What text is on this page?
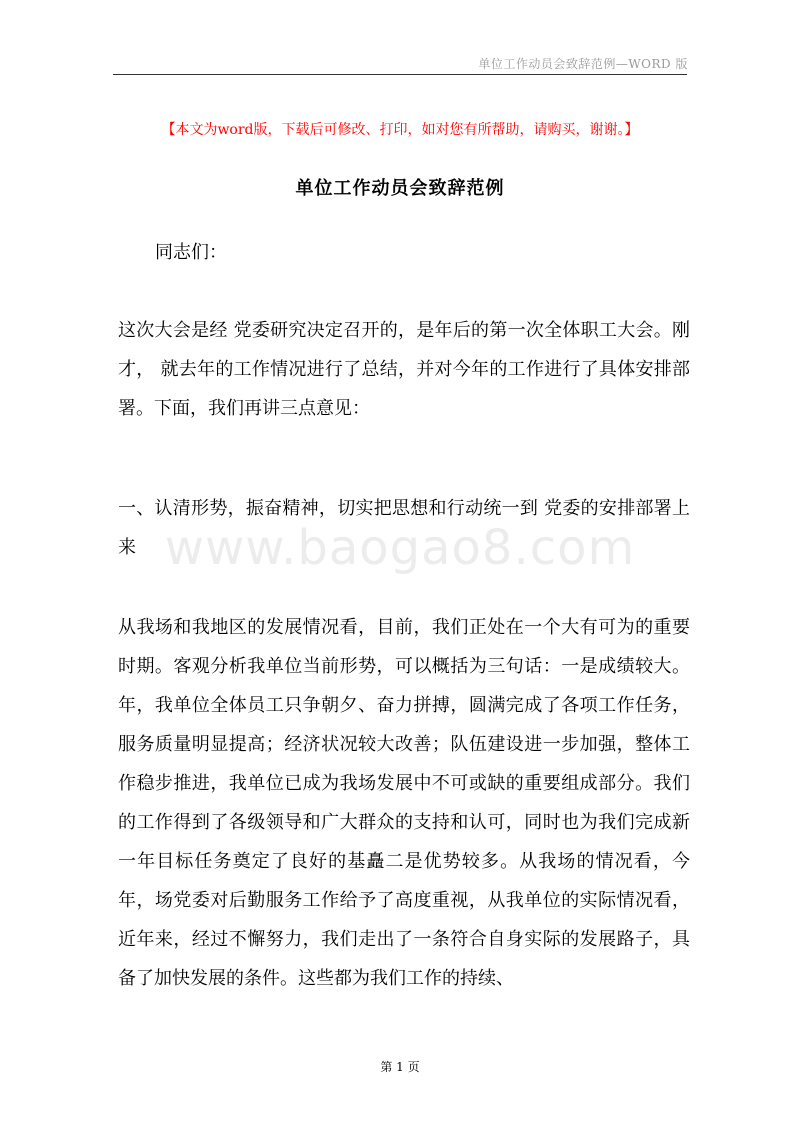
单位工作动员会致辞范例—WORD 版
【本文为word版，下载后可修改、打印，如对您有所帮助，请购买，谢谢。】
单位工作动员会致辞范例
同志们：

这次大会是经 党委研究决定召开的，是年后的第一次全体职工大会。刚才， 就去年的工作情况进行了总结，并对今年的工作进行了具体安排部署。下面，我们再讲三点意见：

一、认清形势，振奋精神，切实把思想和行动统一到 党委的安排部署上来

从我场和我地区的发展情况看，目前，我们正处在一个大有可为的重要时期。客观分析我单位当前形势，可以概括为三句话：一是成绩较大。 年，我单位全体员工只争朝夕、奋力拼搏，圆满完成了各项工作任务，服务质量明显提高；经济状况较大改善；队伍建设进一步加强，整体工作稳步推进，我单位已成为我场发展中不可或缺的重要组成部分。我们的工作得到了各级领导和广大群众的支持和认可，同时也为我们完成新一年目标任务奠定了良好的基矗二是优势较多。从我场的情况看，今年，场党委对后勤服务工作给予了高度重视，从我单位的实际情况看，近年来，经过不懈努力，我们走出了一条符合自身实际的发展路子，具备了加快发展的条件。这些都为我们工作的持续、

www.baogao8.com
第 1 页
